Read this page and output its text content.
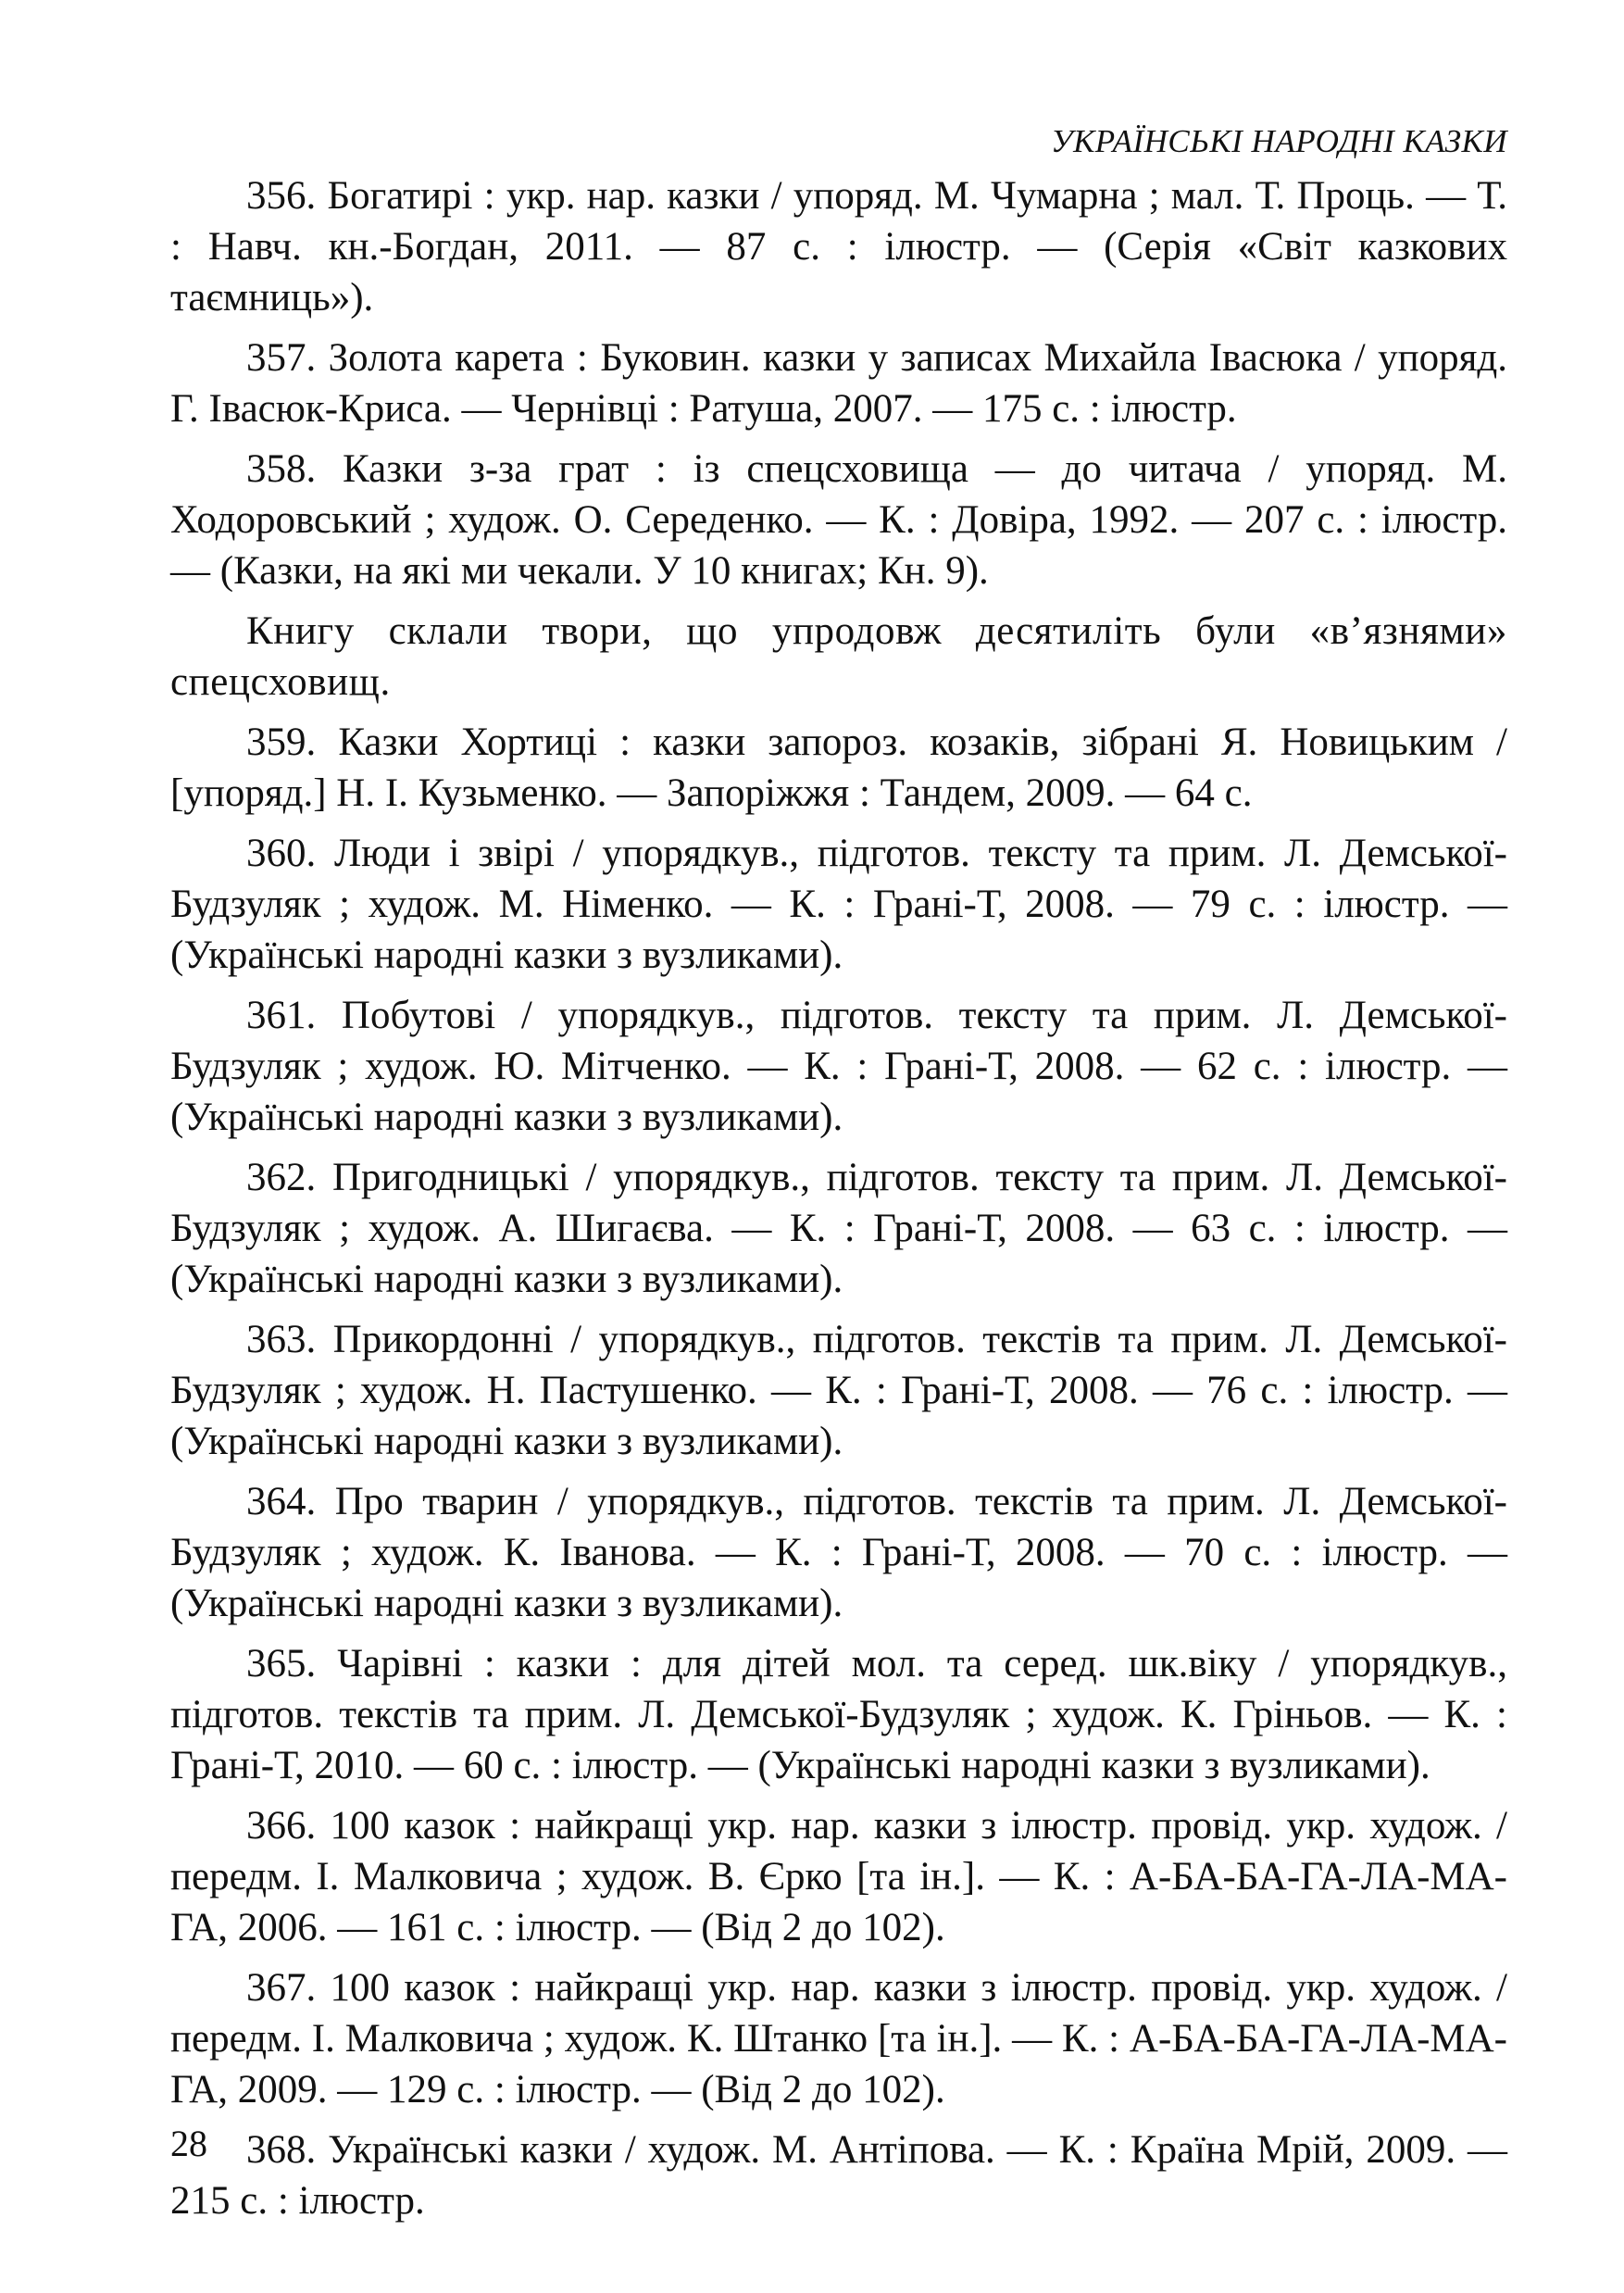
УКРАЇНСЬКІ НАРОДНІ КАЗКИ

356. Богатирі : укр. нар. казки / упоряд. М. Чумарна ; мал. Т. Проць. — Т. : Навч. кн.-Богдан, 2011. — 87 с. : ілюстр. — (Серія «Світ казкових таємниць»).

357. Золота карета : Буковин. казки у записах Михайла Івасюка / упоряд. Г. Івасюк-Криса. — Чернівці : Ратуша, 2007. — 175 с. : ілюстр.

358. Казки з-за грат : із спецсховища — до читача / упоряд. М. Ходоровський ; худож. О. Середенко. — К. : Довіра, 1992. — 207 с. : ілюстр. — (Казки, на які ми чекали. У 10 книгах; Кн. 9).

Книгу склали твори, що упродовж десятиліть були «в’язнями» спецсховищ.

359. Казки Хортиці : казки запороз. козаків, зібрані Я. Новицьким / [упоряд.] Н. І. Кузьменко. — Запоріжжя : Тандем, 2009. — 64 с.

360. Люди і звірі / упорядкув., підготов. тексту та прим. Л. Демської-Будзуляк ; худож. М. Німенко. — К. : Грані-Т, 2008. — 79 с. : ілюстр. — (Українські народні казки з вузликами).

361. Побутові / упорядкув., підготов. тексту та прим. Л. Демської-Будзуляк ; худож. Ю. Мітченко. — К. : Грані-Т, 2008. — 62 с. : ілюстр. — (Українські народні казки з вузликами).

362. Пригодницькі / упорядкув., підготов. тексту та прим. Л. Демської-Будзуляк ; худож. А. Шигаєва. — К. : Грані-Т, 2008. — 63 с. : ілюстр. — (Українські народні казки з вузликами).

363. Прикордонні / упорядкув., підготов. текстів та прим. Л. Демської-Будзуляк ; худож. Н. Пастушенко. — К. : Грані-Т, 2008. — 76 с. : ілюстр. — (Українські народні казки з вузликами).

364. Про тварин / упорядкув., підготов. текстів та прим. Л. Демської-Будзуляк ; худож. К. Іванова. — К. : Грані-Т, 2008. — 70 с. : ілюстр. — (Українські народні казки з вузликами).

365. Чарівні : казки : для дітей мол. та серед. шк.віку / упорядкув., підготов. текстів та прим. Л. Демської-Будзуляк ; худож. К. Гріньов. — К. : Грані-Т, 2010. — 60 с. : ілюстр. — (Українські народні казки з вузликами).

366. 100 казок : найкращі укр. нар. казки з ілюстр. провід. укр. худож. / передм. І. Малковича ; худож. В. Єрко [та ін.]. — К. : А-БА-БА-ГА-ЛА-МА-ГА, 2006. — 161 с. : ілюстр. — (Від 2 до 102).

367. 100 казок : найкращі укр. нар. казки з ілюстр. провід. укр. худож. / передм. І. Малковича ; худож. К. Штанко [та ін.]. — К. : А-БА-БА-ГА-ЛА-МА-ГА, 2009. — 129 с. : ілюстр. — (Від 2 до 102).

368. Українські казки / худож. М. Антіпова. — К. : Країна Мрій, 2009. — 215 с. : ілюстр.

28
